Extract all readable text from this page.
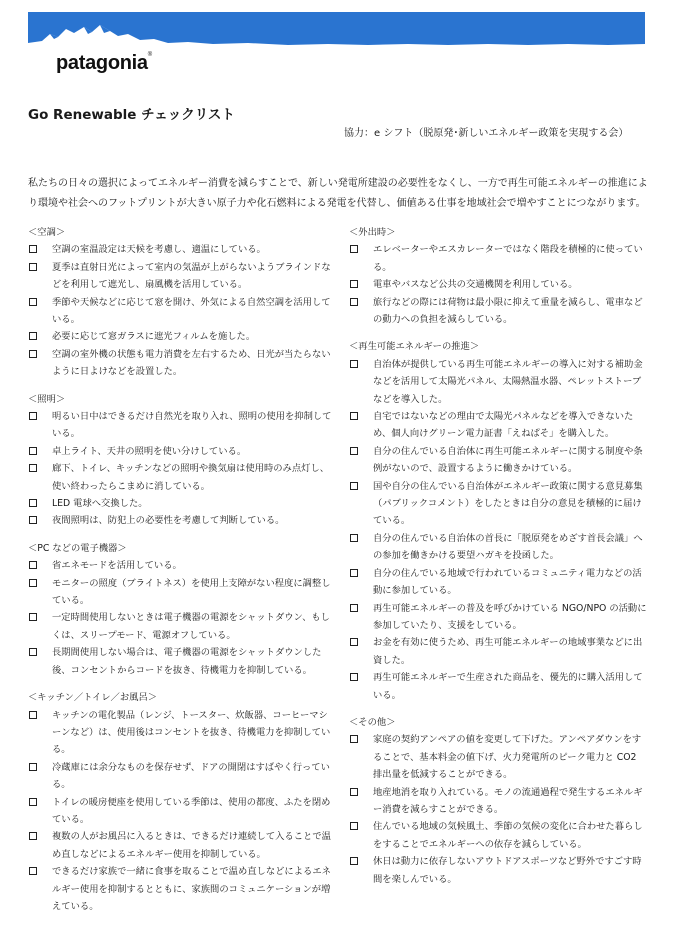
patagonia®
Go Renewable チェックリスト
協力：e シフト（脱原発･新しいエネルギー政策を実現する会）
私たちの日々の選択によってエネルギー消費を減らすことで、新しい発電所建設の必要性をなくし、一方で再生可能エネルギーの推進により環境や社会へのフットプリントが大きい原子力や化石燃料による発電を代替し、価値ある仕事を地域社会で増やすことにつながります。
＜空調＞
空調の室温設定は天候を考慮し、適温にしている。
夏季は直射日光によって室内の気温が上がらないようブラインドなどを利用して遮光し、扇風機を活用している。
季節や天候などに応じて窓を開け、外気による自然空調を活用している。
必要に応じて窓ガラスに遮光フィルムを施した。
空調の室外機の状態も電力消費を左右するため、日光が当たらないように日よけなどを設置した。
＜照明＞
明るい日中はできるだけ自然光を取り入れ、照明の使用を抑制している。
卓上ライト、天井の照明を使い分けしている。
廊下、トイレ、キッチンなどの照明や換気扇は使用時のみ点灯し、使い終わったらこまめに消している。
LED 電球へ交換した。
夜間照明は、防犯上の必要性を考慮して判断している。
＜PC などの電子機器＞
省エネモードを活用している。
モニターの照度（ブライトネス）を使用上支障がない程度に調整している。
一定時間使用しないときは電子機器の電源をシャットダウン、もしくは、スリープモード、電源オフしている。
長期間使用しない場合は、電子機器の電源をシャットダウンした後、コンセントからコードを抜き、待機電力を抑制している。
＜キッチン／トイレ／お風呂＞
キッチンの電化製品（レンジ、トースター、炊飯器、コーヒーマシーンなど）は、使用後はコンセントを抜き、待機電力を抑制している。
冷蔵庫には余分なものを保存せず、ドアの開閉はすばやく行っている。
トイレの暖房便座を使用している季節は、使用の都度、ふたを閉めている。
複数の人がお風呂に入るときは、できるだけ連続して入ることで温め直しなどによるエネルギー使用を抑制している。
できるだけ家族で一緒に食事を取ることで温め直しなどによるエネルギー使用を抑制するとともに、家族間のコミュニケーションが増えている。
＜外出時＞
エレベーターやエスカレーターではなく階段を積極的に使っている。
電車やバスなど公共の交通機関を利用している。
旅行などの際には荷物は最小限に抑えて重量を減らし、電車などの動力への負担を減らしている。
＜再生可能エネルギーの推進＞
自治体が提供している再生可能エネルギーの導入に対する補助金などを活用して太陽光パネル、太陽熱温水器、ペレットストーブなどを導入した。
自宅ではないなどの理由で太陽光パネルなどを導入できないため、個人向けグリーン電力証書「えねぱそ」を購入した。
自分の住んでいる自治体に再生可能エネルギーに関する制度や条例がないので、設置するように働きかけている。
国や自分の住んでいる自治体がエネルギー政策に関する意見募集（パブリックコメント）をしたときは自分の意見を積極的に届けている。
自分の住んでいる自治体の首長に「脱原発をめざす首長会議」への参加を働きかける要望ハガキを投函した。
自分の住んでいる地域で行われているコミュニティ電力などの活動に参加している。
再生可能エネルギーの普及を呼びかけている NGO/NPO の活動に参加していたり、支援をしている。
お金を有効に使うため、再生可能エネルギーの地域事業などに出資した。
再生可能エネルギーで生産された商品を、優先的に購入活用している。
＜その他＞
家庭の契約アンペアの値を変更して下げた。アンペアダウンをすることで、基本料金の値下げ、火力発電所のピーク電力と CO2 排出量を低減することができる。
地産地消を取り入れている。モノの流通過程で発生するエネルギー消費を減らすことができる。
住んでいる地域の気候風土、季節の気候の変化に合わせた暮らしをすることでエネルギーへの依存を減らしている。
休日は動力に依存しないアウトドアスポーツなど野外ですごす時間を楽しんでいる。
